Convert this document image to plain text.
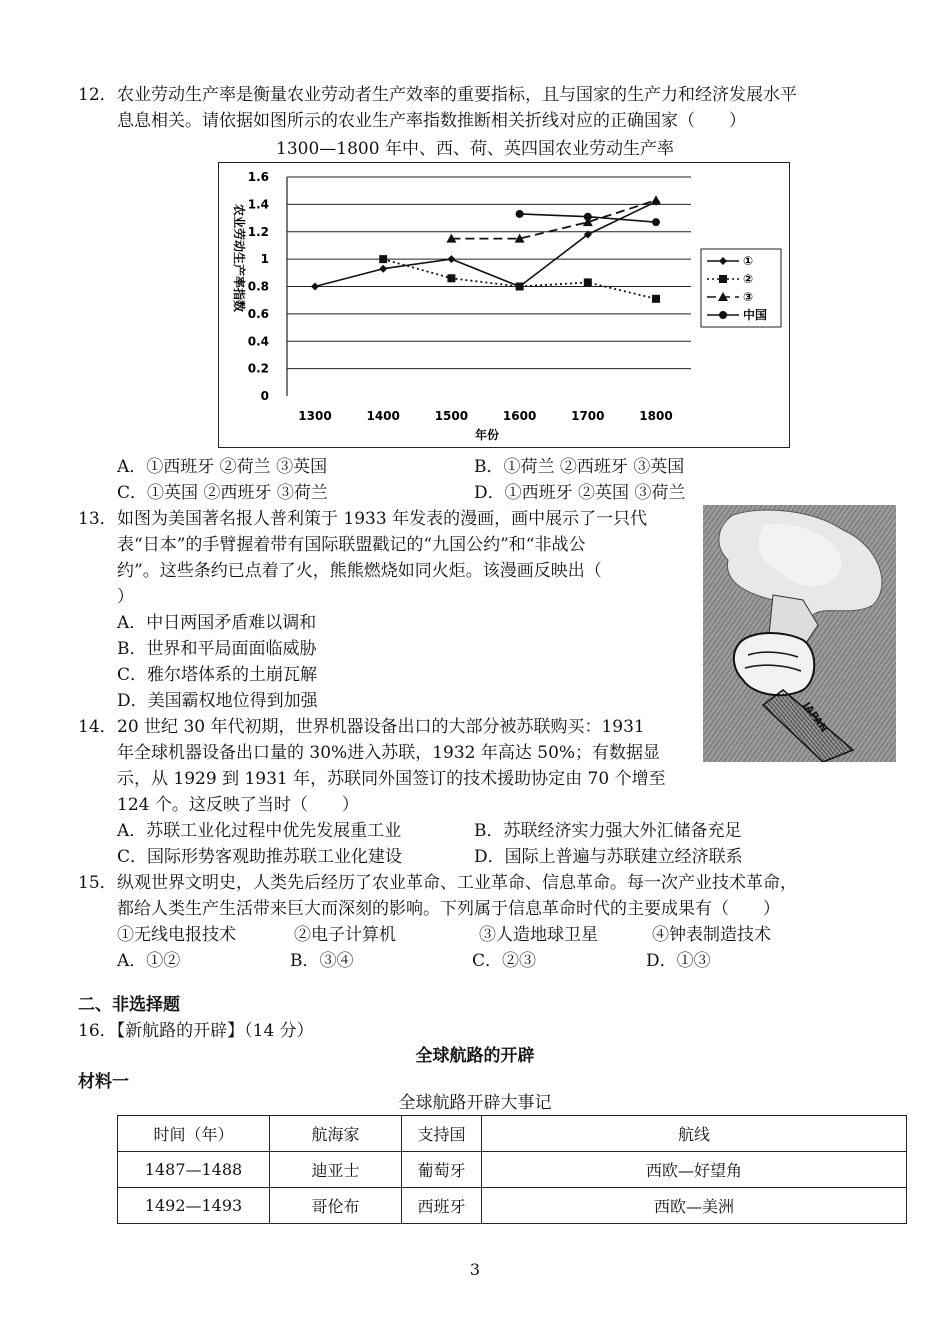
12． 农业劳动生产率是衡量农业劳动者生产效率的重要指标，且与国家的生产力和经济发展水平
息息相关。请依据如图所示的农业生产率指数推断相关折线对应的正确国家（　　）
1300—1800 年中、西、荷、英四国农业劳动生产率
0
0.2
0.4
0.6
0.8
1
1.2
1.4
1.6
1300	1400	1500	1600	1700	1800
①
②
③
中国
农业劳动生产率指数
年份
A．①西班牙 ②荷兰 ③英国	B．①荷兰 ②西班牙 ③英国
C．①英国 ②西班牙 ③荷兰	D．①西班牙 ②英国 ③荷兰
13． 如图为美国著名报人普利策于 1933 年发表的漫画，画中展示了一只代
表“日本”的手臂握着带有国际联盟戳记的“九国公约”和“非战公
约”。这些条约已点着了火，熊熊燃烧如同火炬。该漫画反映出（
）
A．中日两国矛盾难以调和
B．世界和平局面面临威胁
C．雅尔塔体系的土崩瓦解
D．美国霸权地位得到加强	JAPAN
14． 20 世纪 30 年代初期，世界机器设备出口的大部分被苏联购买：1931
年全球机器设备出口量的 30%进入苏联，1932 年高达 50%；有数据显
示，从 1929 到 1931 年，苏联同外国签订的技术援助协定由 70 个增至
124 个。这反映了当时（　　）
A．苏联工业化过程中优先发展重工业	B．苏联经济实力强大外汇储备充足
C．国际形势客观助推苏联工业化建设	D．国际上普遍与苏联建立经济联系
15． 纵观世界文明史，人类先后经历了农业革命、工业革命、信息革命。每一次产业技术革命，
都给人类生产生活带来巨大而深刻的影响。下列属于信息革命时代的主要成果有（　　）
①无线电报技术	②电子计算机	③人造地球卫星	④钟表制造技术
A．①②	B．③④	C．②③	D．①③
二、非选择题
16．【新航路的开辟】（14 分）
全球航路的开辟
材料一
全球航路开辟大事记
时间（年）	航海家	支持国	航线
1487—1488	迪亚士	葡萄牙	西欧—好望角
1492—1493	哥伦布	西班牙	西欧—美洲
3
